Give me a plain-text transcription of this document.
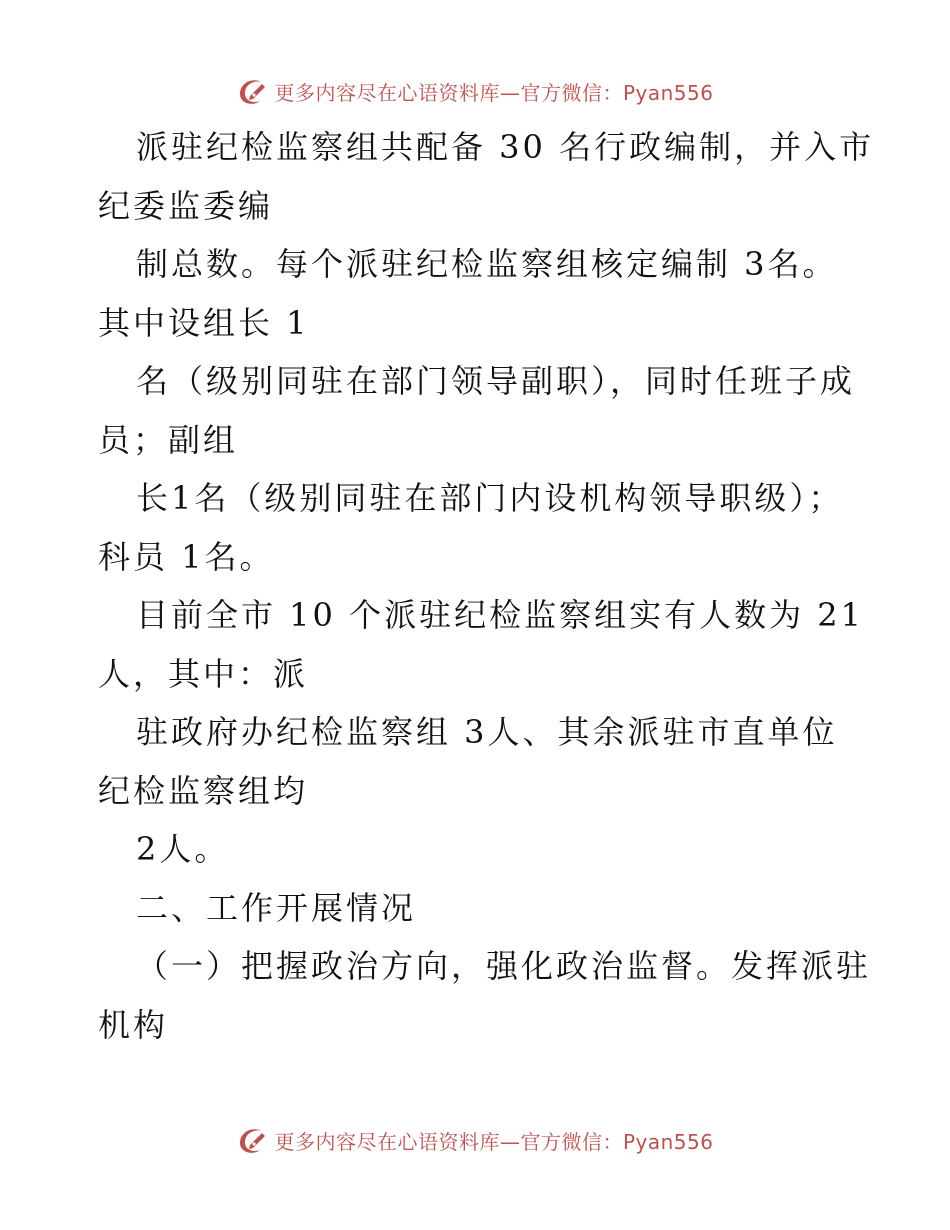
更多内容尽在心语资料库—官方微信：Pyan556
派驻纪检监察组共配备 30 名行政编制，并入市
纪委监委编
制总数。每个派驻纪检监察组核定编制 3名。
其中设组长 1
名（级别同驻在部门领导副职），同时任班子成
员；副组
长1名（级别同驻在部门内设机构领导职级）；
科员 1名。
目前全市 10 个派驻纪检监察组实有人数为 21
人，其中：派
驻政府办纪检监察组 3人、其余派驻市直单位
纪检监察组均
2人。
二、工作开展情况
（一）把握政治方向，强化政治监督。发挥派驻
机构
更多内容尽在心语资料库—官方微信：Pyan556
